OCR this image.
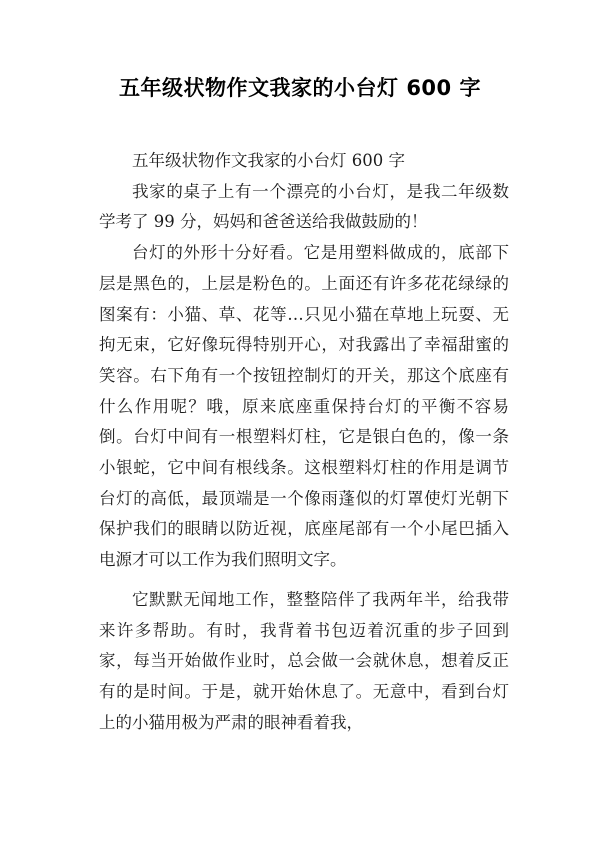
五年级状物作文我家的小台灯 600 字

五年级状物作文我家的小台灯 600 字

我家的桌子上有一个漂亮的小台灯，是我二年级数学考了 99 分，妈妈和爸爸送给我做鼓励的！

台灯的外形十分好看。它是用塑料做成的，底部下层是黑色的，上层是粉色的。上面还有许多花花绿绿的图案有：小猫、草、花等…只见小猫在草地上玩耍、无拘无束，它好像玩得特别开心，对我露出了幸福甜蜜的笑容。右下角有一个按钮控制灯的开关，那这个底座有什么作用呢？哦，原来底座重保持台灯的平衡不容易倒。台灯中间有一根塑料灯柱，它是银白色的，像一条小银蛇，它中间有根线条。这根塑料灯柱的作用是调节台灯的高低，最顶端是一个像雨蓬似的灯罩使灯光朝下保护我们的眼睛以防近视，底座尾部有一个小尾巴插入电源才可以工作为我们照明文字。

它默默无闻地工作，整整陪伴了我两年半，给我带来许多帮助。有时，我背着书包迈着沉重的步子回到家，每当开始做作业时，总会做一会就休息，想着反正有的是时间。于是，就开始休息了。无意中，看到台灯上的小猫用极为严肃的眼神看着我，
